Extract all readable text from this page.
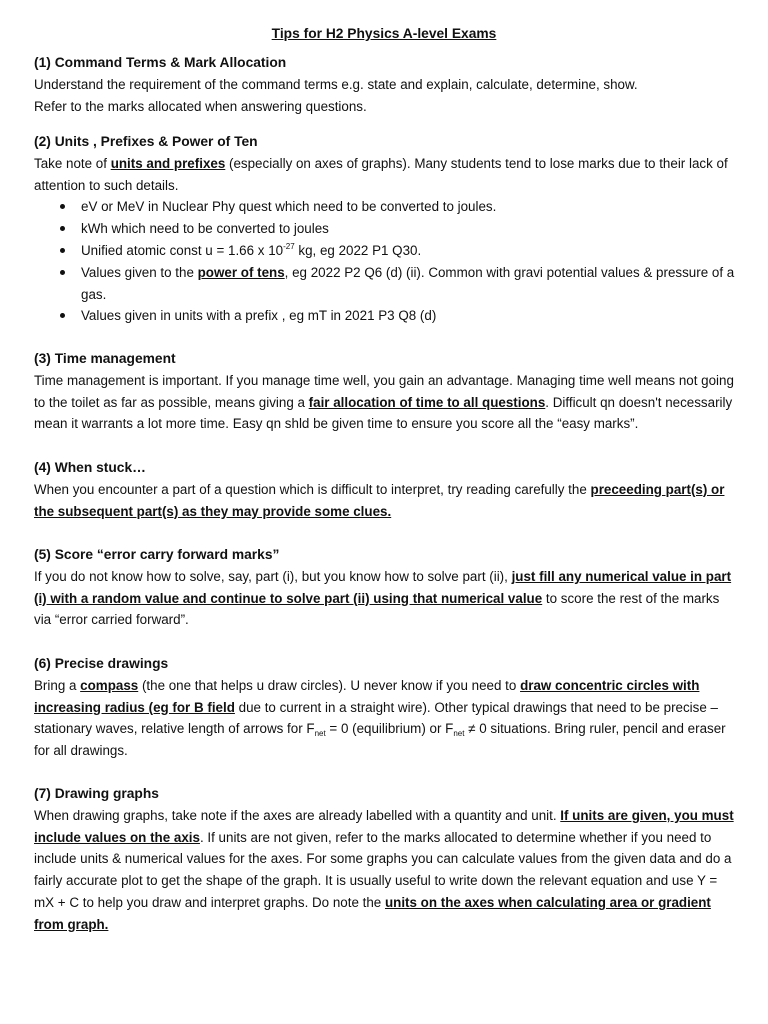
Tips for H2 Physics A-level Exams
(1) Command Terms & Mark Allocation

Understand the requirement of the command terms e.g. state and explain, calculate, determine, show.

Refer to the marks allocated when answering questions.

(2) Units , Prefixes & Power of Ten

Take note of units and prefixes (especially on axes of graphs). Many students tend to lose marks due to their lack of attention to such details.

eV or MeV in Nuclear Phy quest which need to be converted to joules.
kWh which need to be converted to joules
Unified atomic const u = 1.66 x $10^{-27}$ kg, eg 2022 P1 Q30.
Values given to the power of tens, eg 2022 P2 Q6 (d) (ii). Common with gravi potential values & pressure of a gas.
Values given in units with a prefix , eg mT in 2021 P3 Q8 (d)
(3) Time management

Time management is important. If you manage time well, you gain an advantage. Managing time well means not going to the toilet as far as possible, means giving a fair allocation of time to all questions. Difficult qn doesn't necessarily mean it warrants a lot more time. Easy qn shld be given time to ensure you score all the “easy marks”.

(4) When stuck…

When you encounter a part of a question which is difficult to interpret, try reading carefully the preceeding part(s) or the subsequent part(s) as they may provide some clues.

(5) Score “error carry forward marks”

If you do not know how to solve, say, part (i), but you know how to solve part (ii), just fill any numerical value in part (i) with a random value and continue to solve part (ii) using that numerical value to score the rest of the marks via “error carried forward”.

(6) Precise drawings

Bring a compass (the one that helps u draw circles). U never know if you need to draw concentric circles with increasing radius (eg for B field due to current in a straight wire). Other typical drawings that need to be precise – stationary waves, relative length of arrows for $F_{net} = 0$ (equilibrium) or $F_{net} \ne 0$ situations. Bring ruler, pencil and eraser for all drawings.

(7) Drawing graphs

When drawing graphs, take note if the axes are already labelled with a quantity and unit. If units are given, you must include values on the axis. If units are not given, refer to the marks allocated to determine whether if you need to include units & numerical values for the axes. For some graphs you can calculate values from the given data and do a fairly accurate plot to get the shape of the graph. It is usually useful to write down the relevant equation and use Y = mX + C to help you draw and interpret graphs. Do note the units on the axes when calculating area or gradient from graph.
